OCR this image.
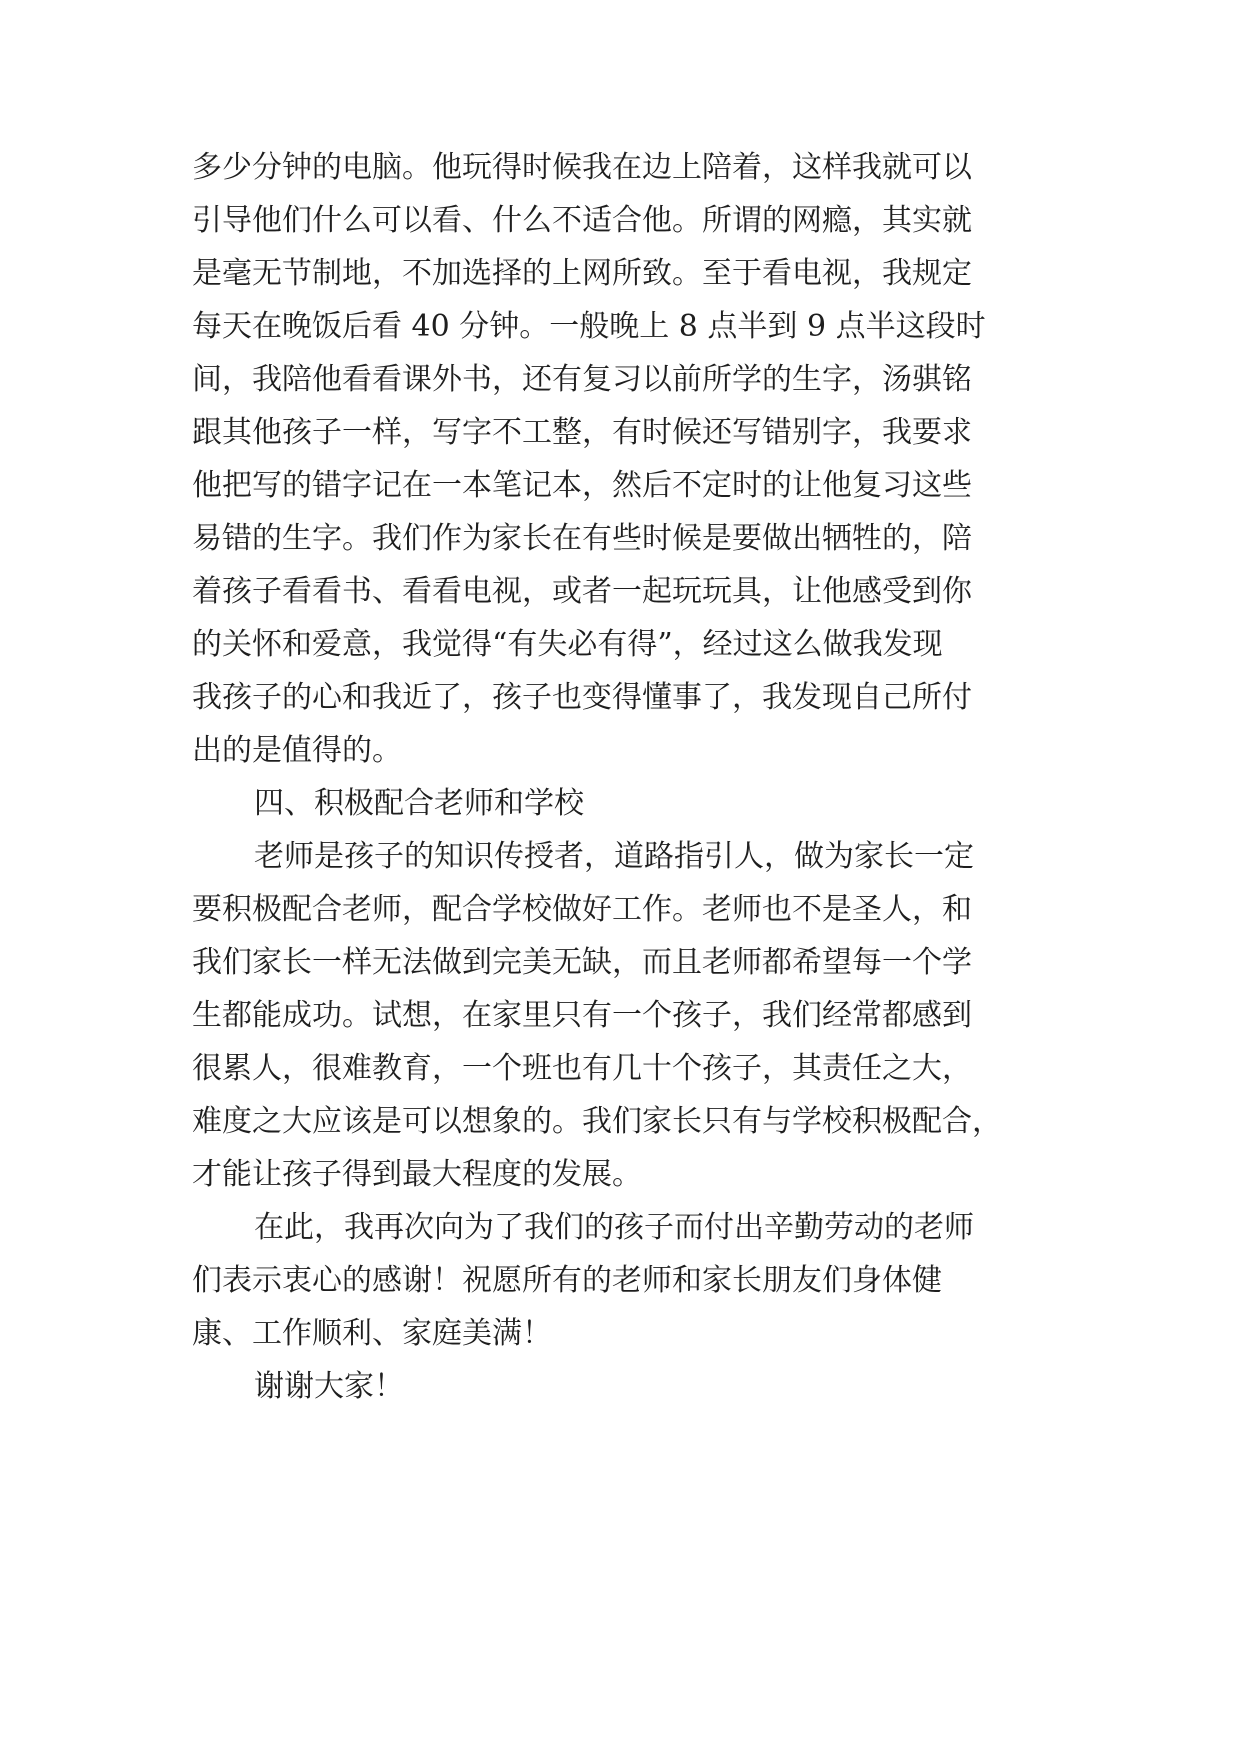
多少分钟的电脑。他玩得时候我在边上陪着，这样我就可以
引导他们什么可以看、什么不适合他。所谓的网瘾，其实就
是毫无节制地，不加选择的上网所致。至于看电视，我规定
每天在晚饭后看 40 分钟。一般晚上 8 点半到 9 点半这段时
间，我陪他看看课外书，还有复习以前所学的生字，汤骐铭
跟其他孩子一样，写字不工整，有时候还写错别字，我要求
他把写的错字记在一本笔记本，然后不定时的让他复习这些
易错的生字。我们作为家长在有些时候是要做出牺牲的，陪
着孩子看看书、看看电视，或者一起玩玩具，让他感受到你
的关怀和爱意，我觉得“有失必有得”，经过这么做我发现
我孩子的心和我近了，孩子也变得懂事了，我发现自己所付
出的是值得的。
四、积极配合老师和学校
老师是孩子的知识传授者，道路指引人，做为家长一定
要积极配合老师，配合学校做好工作。老师也不是圣人，和
我们家长一样无法做到完美无缺，而且老师都希望每一个学
生都能成功。试想，在家里只有一个孩子，我们经常都感到
很累人，很难教育，一个班也有几十个孩子，其责任之大，
难度之大应该是可以想象的。我们家长只有与学校积极配合，
才能让孩子得到最大程度的发展。
在此，我再次向为了我们的孩子而付出辛勤劳动的老师
们表示衷心的感谢！祝愿所有的老师和家长朋友们身体健
康、工作顺利、家庭美满！
谢谢大家！
